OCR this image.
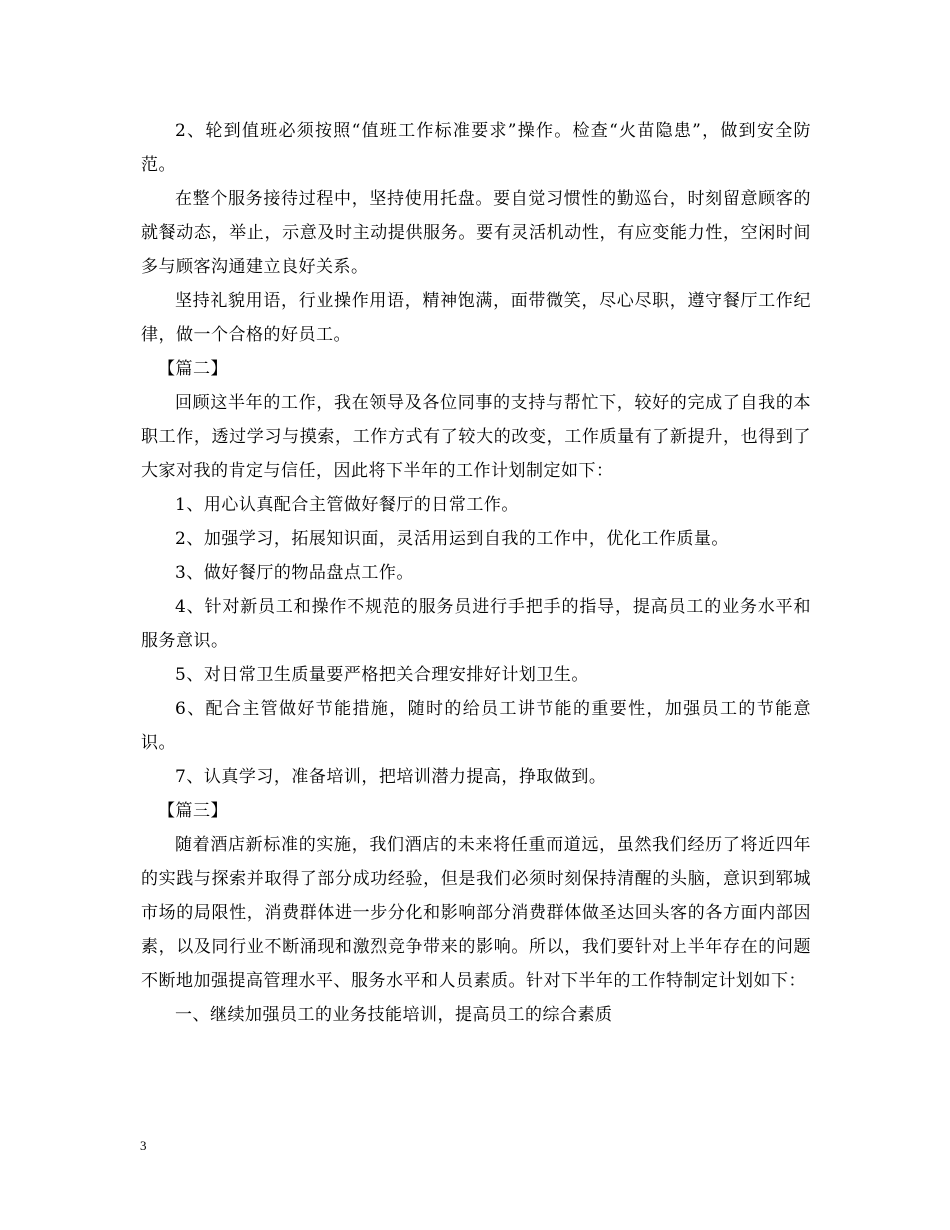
2、轮到值班必须按照“值班工作标准要求”操作。检查“火苗隐患”，做到安全防范。

在整个服务接待过程中，坚持使用托盘。要自觉习惯性的勤巡台，时刻留意顾客的就餐动态，举止，示意及时主动提供服务。要有灵活机动性，有应变能力性，空闲时间多与顾客沟通建立良好关系。

坚持礼貌用语，行业操作用语，精神饱满，面带微笑，尽心尽职，遵守餐厅工作纪律，做一个合格的好员工。

【篇二】

回顾这半年的工作，我在领导及各位同事的支持与帮忙下，较好的完成了自我的本职工作，透过学习与摸索，工作方式有了较大的改变，工作质量有了新提升，也得到了大家对我的肯定与信任，因此将下半年的工作计划制定如下：

1、用心认真配合主管做好餐厅的日常工作。

2、加强学习，拓展知识面，灵活用运到自我的工作中，优化工作质量。

3、做好餐厅的物品盘点工作。

4、针对新员工和操作不规范的服务员进行手把手的指导，提高员工的业务水平和服务意识。

5、对日常卫生质量要严格把关合理安排好计划卫生。

6、配合主管做好节能措施，随时的给员工讲节能的重要性，加强员工的节能意识。

7、认真学习，准备培训，把培训潜力提高，挣取做到。

【篇三】

随着酒店新标准的实施，我们酒店的未来将任重而道远，虽然我们经历了将近四年的实践与探索并取得了部分成功经验，但是我们必须时刻保持清醒的头脑，意识到郓城市场的局限性，消费群体进一步分化和影响部分消费群体做圣达回头客的各方面内部因素，以及同行业不断涌现和激烈竞争带来的影响。所以，我们要针对上半年存在的问题不断地加强提高管理水平、服务水平和人员素质。针对下半年的工作特制定计划如下：

一、继续加强员工的业务技能培训，提高员工的综合素质

3
